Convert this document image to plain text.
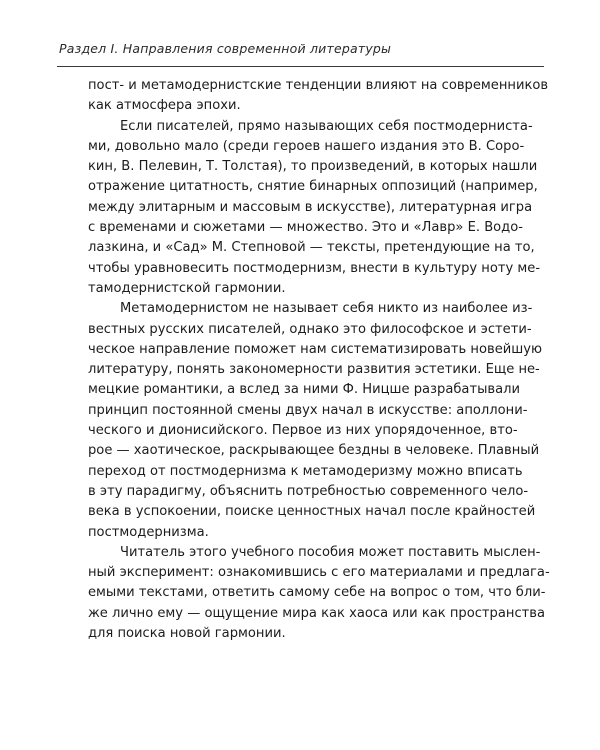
Раздел I. Направления современной литературы
пост- и метамодернистские тенденции влияют на современников
как атмосфера эпохи.
Если писателей, прямо называющих себя постмодерниста-
ми, довольно мало (среди героев нашего издания это В. Соро-
кин, В. Пелевин, Т. Толстая), то произведений, в которых нашли
отражение цитатность, снятие бинарных оппозиций (например,
между элитарным и массовым в искусстве), литературная игра
с временами и сюжетами — множество. Это и «Лавр» Е. Водо-
лазкина, и «Сад» М. Степновой — тексты, претендующие на то,
чтобы уравновесить постмодернизм, внести в культуру ноту ме-
тамодернистской гармонии.
Метамодернистом не называет себя никто из наиболее из-
вестных русских писателей, однако это философское и эстети-
ческое направление поможет нам систематизировать новейшую
литературу, понять закономерности развития эстетики. Еще не-
мецкие романтики, а вслед за ними Ф. Ницше разрабатывали
принцип постоянной смены двух начал в искусстве: аполлони-
ческого и дионисийского. Первое из них упорядоченное, вто-
рое — хаотическое, раскрывающее бездны в человеке. Плавный
переход от постмодернизма к метамодеризму можно вписать
в эту парадигму, объяснить потребностью современного чело-
века в успокоении, поиске ценностных начал после крайностей
постмодернизма.
Читатель этого учебного пособия может поставить мыслен-
ный эксперимент: ознакомившись с его материалами и предлага-
емыми текстами, ответить самому себе на вопрос о том, что бли-
же лично ему — ощущение мира как хаоса или как пространства
для поиска новой гармонии.
